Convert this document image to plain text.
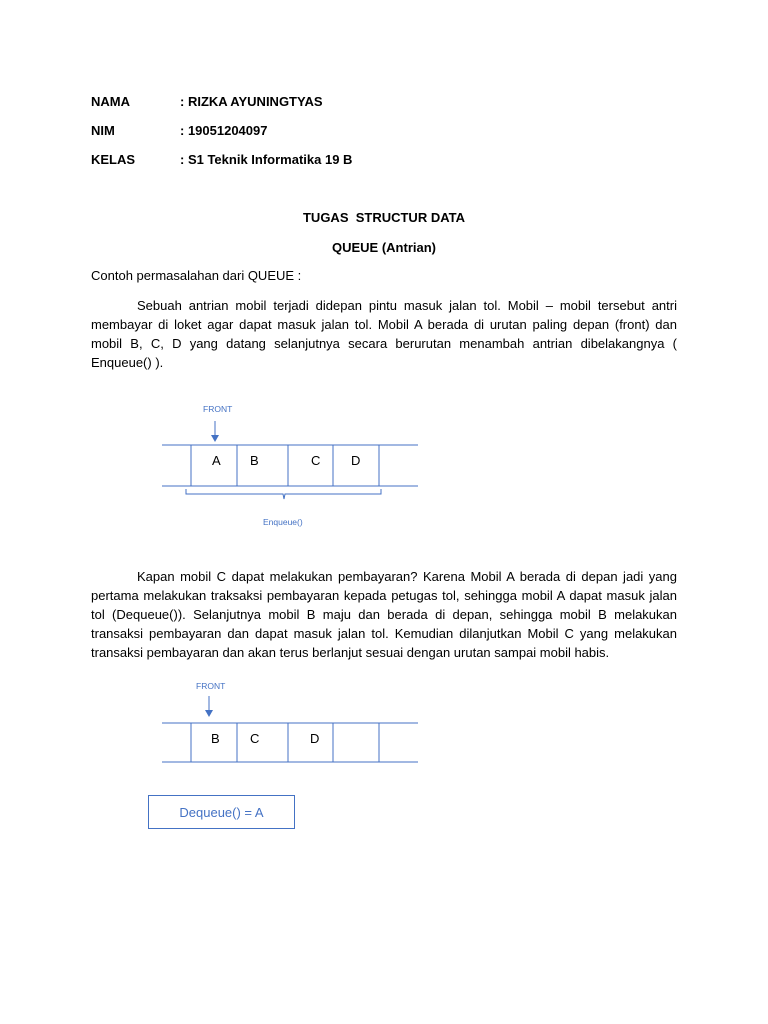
NAMA	: RIZKA AYUNINGTYAS
NIM	: 19051204097
KELAS	: S1 Teknik Informatika 19 B
TUGAS  STRUCTUR DATA
QUEUE (Antrian)
Contoh permasalahan dari QUEUE :

Sebuah antrian mobil terjadi didepan pintu masuk jalan tol. Mobil – mobil tersebut antri membayar di loket agar dapat masuk jalan tol. Mobil A berada di urutan paling depan (front) dan mobil B, C, D yang datang selanjutnya secara berurutan menambah antrian dibelakangnya ( Enqueue() ).

FRONT
A B	C D
Enqueue()

Kapan mobil C dapat melakukan pembayaran? Karena Mobil A berada di depan jadi yang pertama melakukan traksaksi pembayaran kepada petugas tol, sehingga mobil A dapat masuk jalan tol (Dequeue()). Selanjutnya mobil B maju dan berada di depan, sehingga mobil B melakukan transaksi pembayaran dan dapat masuk jalan tol. Kemudian dilanjutkan Mobil C yang melakukan transaksi pembayaran dan akan terus berlanjut sesuai dengan urutan sampai mobil habis.

FRONT
B C	D
Dequeue() = A
